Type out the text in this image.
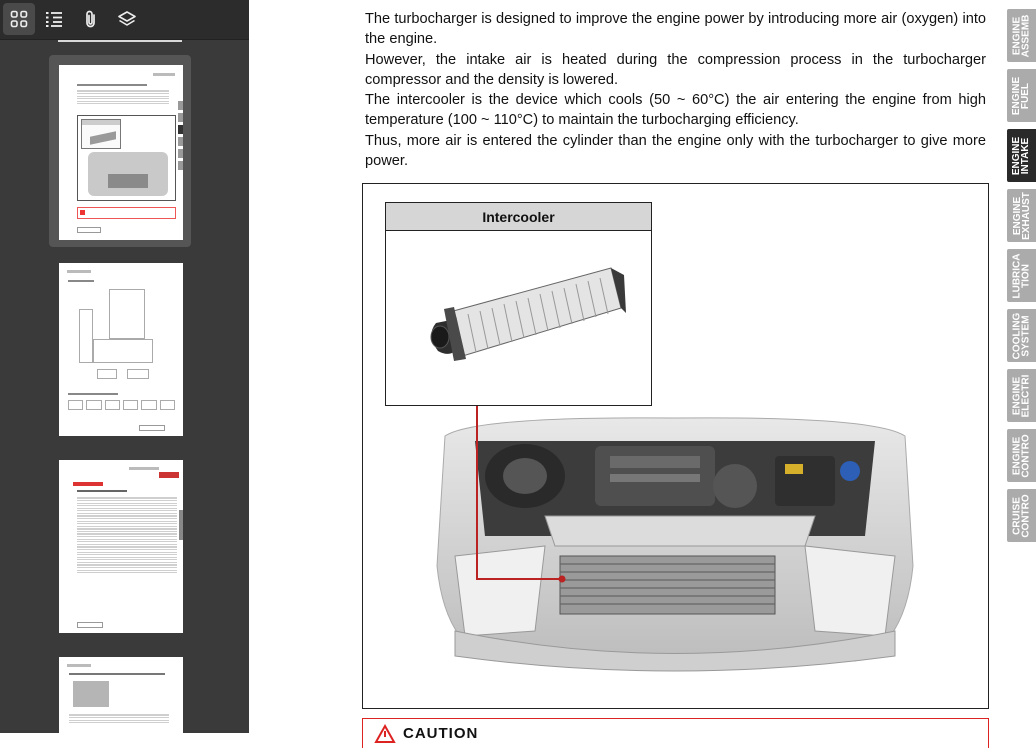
The turbocharger is designed to improve the engine power by introducing more air (oxygen) into the engine.

However, the intake air is heated during the compression process in the turbocharger compressor and the density is lowered.

The intercooler is the device which cools (50 ~ 60°C) the air entering the engine from high temperature (100 ~ 110°C) to maintain the turbocharging efficiency.

Thus, more air is entered the cylinder than the engine only with the turbocharger to give more power.

Intercooler
CAUTION
ENGINE
ASSEMB
ENGINE
FUEL
ENGINE
INTAKE
ENGINE
EXHAUST
LUBRICA
TION
COOLING
SYSTEM
ENGINE
ELECTRI
ENGINE
CONTRO
CRUISE
CONTRO
